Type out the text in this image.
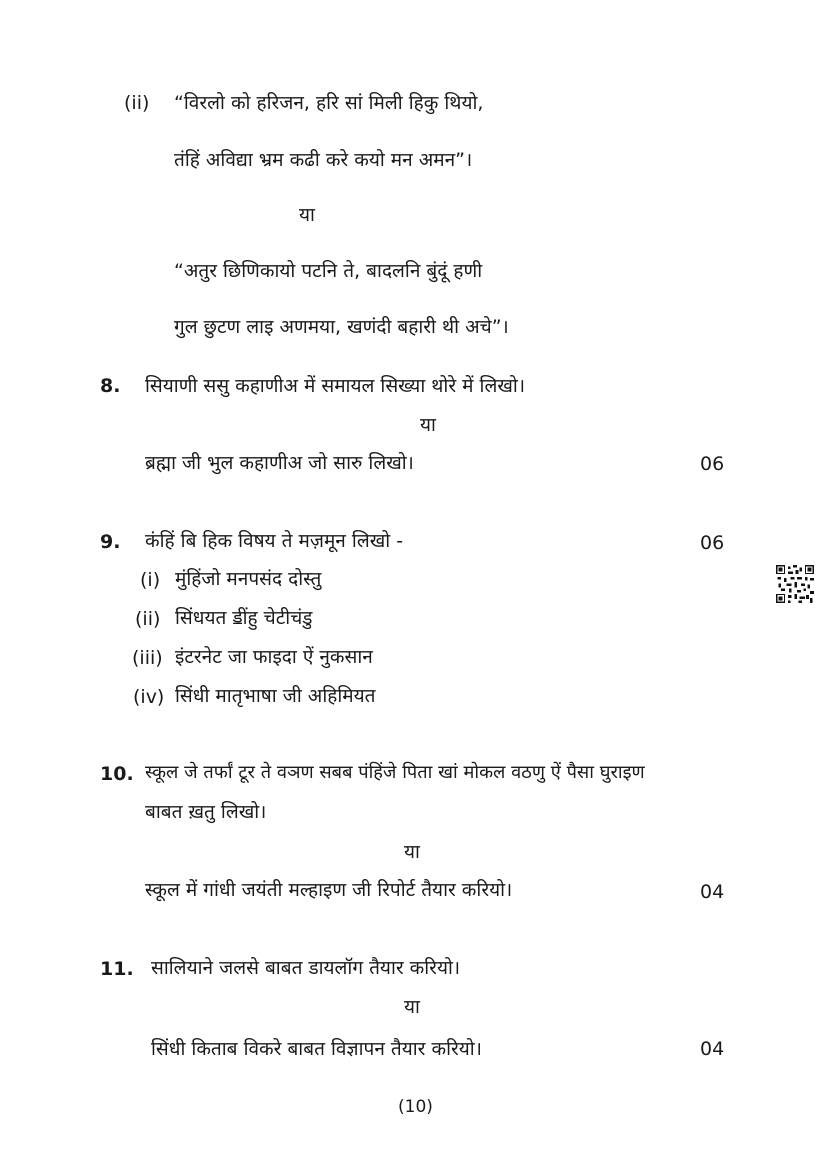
(ii) “विरलो को हरिजन, हरि सां मिली हिकु थियो,
तंहिं अविद्या भ्रम कढी करे कयो मन अमन”।
या
“अतुर छिणिकायो पटनि ते, बादलनि बुंदूं हणी
गुल छुटण लाइ अणमया, खणंदी बहारी थी अचे”।
8. सियाणी ससु कहाणीअ में समायल सिख्या थोरे में लिखो।
या
ब्रह्मा जी भुल कहाणीअ जो सारु लिखो।	06
9. कंहिं बि हिक विषय ते मज़मून लिखो -	06
(i) मुंहिंजो मनपसंद दोस्तु
(ii) सिंधयत ॾींहु चेटीचंडु
(iii) इंटरनेट जा फाइदा ऐं नुकसान
(iv) सिंधी मातृभाषा जी अहिमियत
10. स्कूल जे तर्फां टूर ते वञण सबब पंहिंजे पिता खां मोकल वठणु ऐं पैसा घुराइण
बाबत ख़तु लिखो।
या
स्कूल में गांधी जयंती मल्हाइण जी रिपोर्ट तैयार करियो।	04
11. सालियाने जलसे बाबत डायलॉग तैयार करियो।
या
सिंधी किताब विकरे बाबत विज्ञापन तैयार करियो।	04
(10)
